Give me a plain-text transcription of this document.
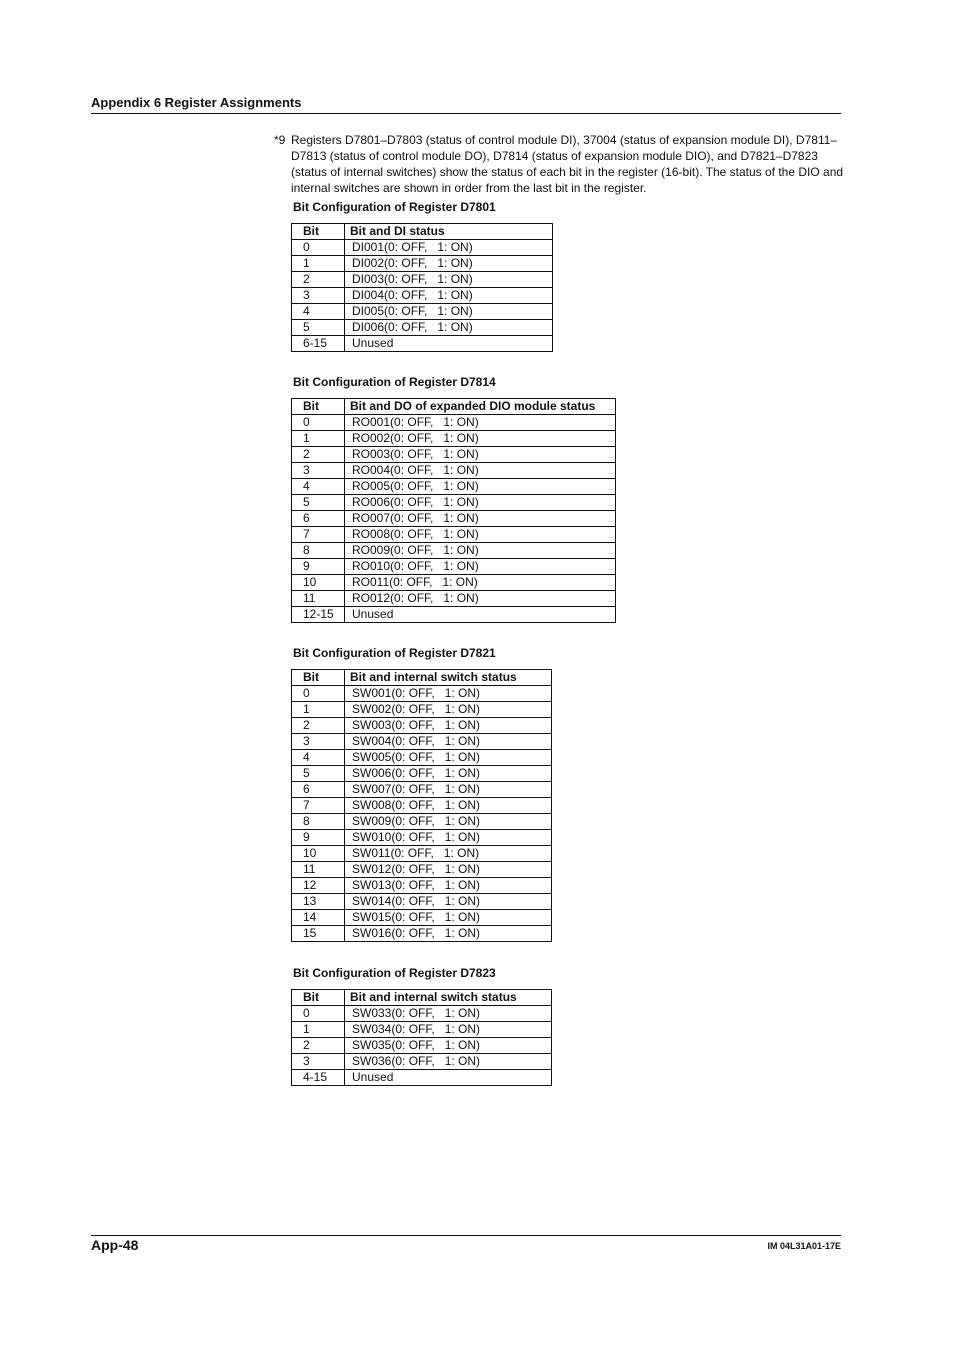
Appendix 6 Register Assignments
*9 Registers D7801–D7803 (status of control module DI), 37004 (status of expansion module DI), D7811–D7813 (status of control module DO), D7814 (status of expansion module DIO), and D7821–D7823 (status of internal switches) show the status of each bit in the register (16-bit). The status of the DIO and internal switches are shown in order from the last bit in the register.
Bit Configuration of Register D7801
Bit	Bit and DI status
0	DI001(0: OFF,   1: ON)
1	DI002(0: OFF,   1: ON)
2	DI003(0: OFF,   1: ON)
3	DI004(0: OFF,   1: ON)
4	DI005(0: OFF,   1: ON)
5	DI006(0: OFF,   1: ON)
6-15	Unused
Bit Configuration of Register D7814
Bit	Bit and DO of expanded DIO module status
0	RO001(0: OFF,   1: ON)
1	RO002(0: OFF,   1: ON)
2	RO003(0: OFF,   1: ON)
3	RO004(0: OFF,   1: ON)
4	RO005(0: OFF,   1: ON)
5	RO006(0: OFF,   1: ON)
6	RO007(0: OFF,   1: ON)
7	RO008(0: OFF,   1: ON)
8	RO009(0: OFF,   1: ON)
9	RO010(0: OFF,   1: ON)
10	RO011(0: OFF,   1: ON)
11	RO012(0: OFF,   1: ON)
12-15	Unused
Bit Configuration of Register D7821
Bit	Bit and internal switch status
0	SW001(0: OFF,   1: ON)
1	SW002(0: OFF,   1: ON)
2	SW003(0: OFF,   1: ON)
3	SW004(0: OFF,   1: ON)
4	SW005(0: OFF,   1: ON)
5	SW006(0: OFF,   1: ON)
6	SW007(0: OFF,   1: ON)
7	SW008(0: OFF,   1: ON)
8	SW009(0: OFF,   1: ON)
9	SW010(0: OFF,   1: ON)
10	SW011(0: OFF,   1: ON)
11	SW012(0: OFF,   1: ON)
12	SW013(0: OFF,   1: ON)
13	SW014(0: OFF,   1: ON)
14	SW015(0: OFF,   1: ON)
15	SW016(0: OFF,   1: ON)
Bit Configuration of Register D7823
Bit	Bit and internal switch status
0	SW033(0: OFF,   1: ON)
1	SW034(0: OFF,   1: ON)
2	SW035(0: OFF,   1: ON)
3	SW036(0: OFF,   1: ON)
4-15	Unused
App-48	IM 04L31A01-17E
